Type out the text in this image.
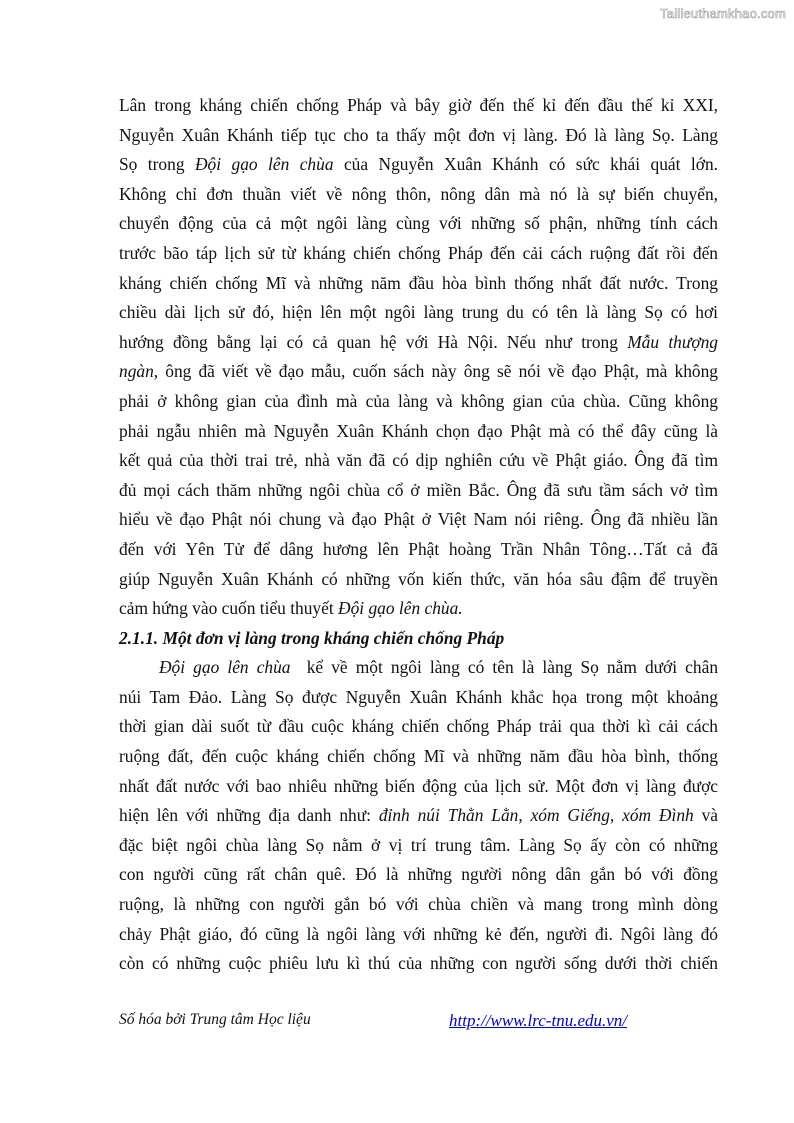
Tailieuthamkhao.com
Lân trong kháng chiến chống Pháp và bây giờ đến thế kỉ đến đầu thế kỉ XXI,
Nguyễn Xuân Khánh tiếp tục cho ta thấy một đơn vị làng. Đó là làng Sọ. Làng
Sọ trong Đội gạo lên chùa của Nguyễn Xuân Khánh có sức khái quát lớn.
Không chỉ đơn thuần viết về nông thôn, nông dân mà nó là sự biến chuyển,
chuyển động của cả một ngôi làng cùng với những số phận, những tính cách
trước bão táp lịch sử từ kháng chiến chống Pháp đến cải cách ruộng đất rồi đến
kháng chiến chống Mĩ và những năm đầu hòa bình thống nhất đất nước. Trong
chiều dài lịch sử đó, hiện lên một ngôi làng trung du có tên là làng Sọ có hơi
hướng đồng bằng lại có cả quan hệ với Hà Nội. Nếu như trong Mẫu thượng
ngàn, ông đã viết về đạo mẫu, cuốn sách này ông sẽ nói về đạo Phật, mà không
phải ở không gian của đình mà của làng và không gian của chùa. Cũng không
phải ngẫu nhiên mà Nguyễn Xuân Khánh chọn đạo Phật mà có thể đây cũng là
kết quả của thời trai trẻ, nhà văn đã có dịp nghiên cứu về Phật giáo. Ông đã tìm
đủ mọi cách thăm những ngôi chùa cổ ở miền Bắc. Ông đã sưu tầm sách vở tìm
hiểu về đạo Phật nói chung và đạo Phật ở Việt Nam nói riêng. Ông đã nhiều lần
đến với Yên Tử để dâng hương lên Phật hoàng Trần Nhân Tông…Tất cả đã
giúp Nguyễn Xuân Khánh có những vốn kiến thức, văn hóa sâu đậm để truyền
cảm hứng vào cuốn tiểu thuyết Đội gạo lên chùa.
2.1.1. Một đơn vị làng trong kháng chiến chống Pháp
Đội gạo lên chùa  kể về một ngôi làng có tên là làng Sọ nằm dưới chân
núi Tam Đảo. Làng Sọ được Nguyễn Xuân Khánh khắc họa trong một khoảng
thời gian dài suốt từ đầu cuộc kháng chiến chống Pháp trải qua thời kì cải cách
ruộng đất, đến cuộc kháng chiến chống Mĩ và những năm đầu hòa bình, thống
nhất đất nước với bao nhiêu những biến động của lịch sử. Một đơn vị làng được
hiện lên với những địa danh như: đỉnh núi Thằn Lằn, xóm Giếng, xóm Đình và
đặc biệt ngôi chùa làng Sọ nằm ở vị trí trung tâm. Làng Sọ ấy còn có những
con người cũng rất chân quê. Đó là những người nông dân gắn bó với đồng
ruộng, là những con người gắn bó với chùa chiền và mang trong mình dòng
chảy Phật giáo, đó cũng là ngôi làng với những kẻ đến, người đi. Ngôi làng đó
còn có những cuộc phiêu lưu kì thú của những con người sống dưới thời chiến
Số hóa bởi Trung tâm Học liệu	http://www.lrc-tnu.edu.vn/
